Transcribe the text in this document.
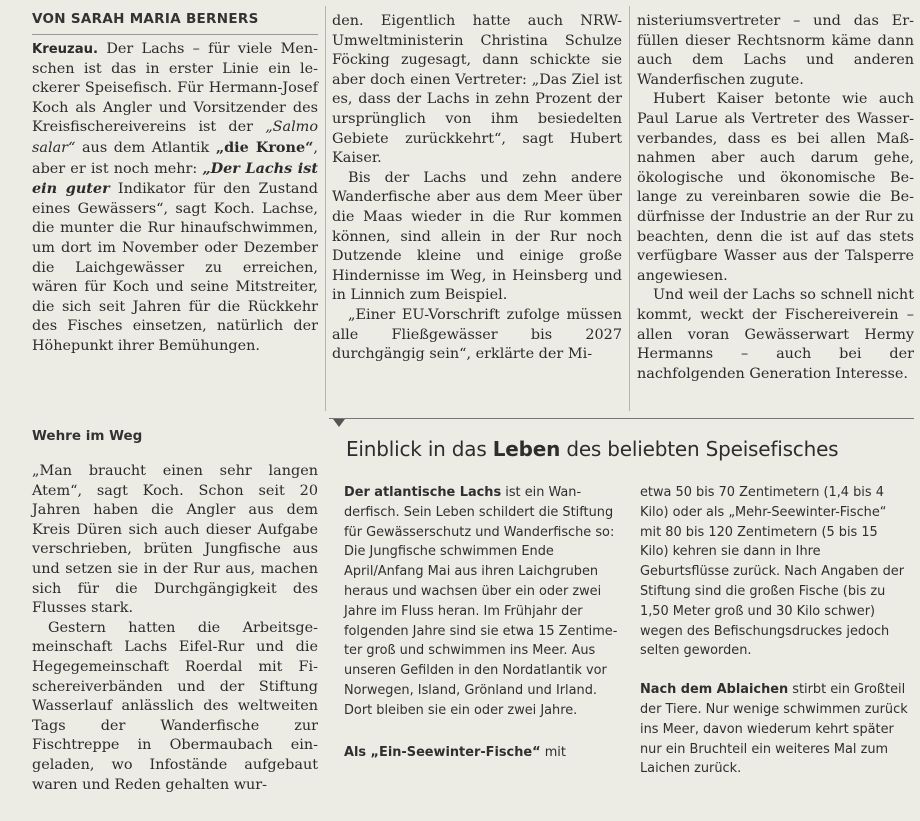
VON SARAH MARIA BERNERS

Kreuzau. Der Lachs – für viele Menschen ist das in erster Linie ein leckerer Speisefisch. Für Hermann-Josef Koch als Angler und Vorsitzender des Kreisfischereivereins ist der „Salmo salar“ aus dem Atlantik „die Krone“, aber er ist noch mehr: „Der Lachs ist ein guter Indikator für den Zustand eines Gewässers“, sagt Koch. Lachse, die munter die Rur hinaufschwimmen, um dort im November oder Dezember die Laichgewässer zu erreichen, wären für Koch und seine Mitstreiter, die sich seit Jahren für die Rückkehr des Fisches einsetzen, natürlich der Höhepunkt ihrer Bemühungen.

Wehre im Weg

„Man braucht einen sehr langen Atem“, sagt Koch. Schon seit 20 Jahren haben die Angler aus dem Kreis Düren sich auch dieser Aufgabe verschrieben, brüten Jungfische aus und setzen sie in der Rur aus, machen sich für die Durchgängigkeit des Flusses stark.

Gestern hatten die Arbeitsgemeinschaft Lachs Eifel-Rur und die Hegegemeinschaft Roerdal mit Fischereiverbänden und der Stiftung Wasserlauf anlässlich des weltweiten Tags der Wanderfische zur Fischtreppe in Obermaubach eingeladen, wo Infostände aufgebaut waren und Reden gehalten wur-

den. Eigentlich hatte auch NRW-Umweltministerin Christina Schulze Föcking zugesagt, dann schickte sie aber doch einen Vertreter: „Das Ziel ist es, dass der Lachs in zehn Prozent der ursprünglich von ihm besiedelten Gebiete zurückkehrt“, sagt Hubert Kaiser.

Bis der Lachs und zehn andere Wanderfische aber aus dem Meer über die Maas wieder in die Rur kommen können, sind allein in der Rur noch Dutzende kleine und einige große Hindernisse im Weg, in Heinsberg und in Linnich zum Beispiel.

„Einer EU-Vorschrift zufolge müssen alle Fließgewässer bis 2027 durchgängig sein“, erklärte der Mi-

nisteriumsvertreter – und das Erfüllen dieser Rechtsnorm käme dann auch dem Lachs und anderen Wanderfischen zugute.

Hubert Kaiser betonte wie auch Paul Larue als Vertreter des Wasserverbandes, dass es bei allen Maßnahmen aber auch darum gehe, ökologische und ökonomische Belange zu vereinbaren sowie die Bedürfnisse der Industrie an der Rur zu beachten, denn die ist auf das stets verfügbare Wasser aus der Talsperre angewiesen.

Und weil der Lachs so schnell nicht kommt, weckt der Fischereiverein – allen voran Gewässerwart Hermy Hermanns – auch bei der nachfolgenden Generation Interesse.

Einblick in das Leben des beliebten Speisefisches

Der atlantische Lachs ist ein Wanderfisch. Sein Leben schildert die Stiftung für Gewässerschutz und Wanderfische so: Die Jungfische schwimmen Ende April/Anfang Mai aus ihren Laichgruben heraus und wachsen über ein oder zwei Jahre im Fluss heran. Im Frühjahr der folgenden Jahre sind sie etwa 15 Zentimeter groß und schwimmen ins Meer. Aus unseren Gefilden in den Nordatlantik vor Norwegen, Island, Grönland und Irland. Dort bleiben sie ein oder zwei Jahre.

Als „Ein-Seewinter-Fische“ mit

etwa 50 bis 70 Zentimetern (1,4 bis 4 Kilo) oder als „Mehr-Seewinter-Fische“ mit 80 bis 120 Zentimetern (5 bis 15 Kilo) kehren sie dann in Ihre Geburtsflüsse zurück. Nach Angaben der Stiftung sind die großen Fische (bis zu 1,50 Meter groß und 30 Kilo schwer) wegen des Befischungsdruckes jedoch selten geworden.

Nach dem Ablaichen stirbt ein Großteil der Tiere. Nur wenige schwimmen zurück ins Meer, davon wiederum kehrt später nur ein Bruchteil ein weiteres Mal zum Laichen zurück.
